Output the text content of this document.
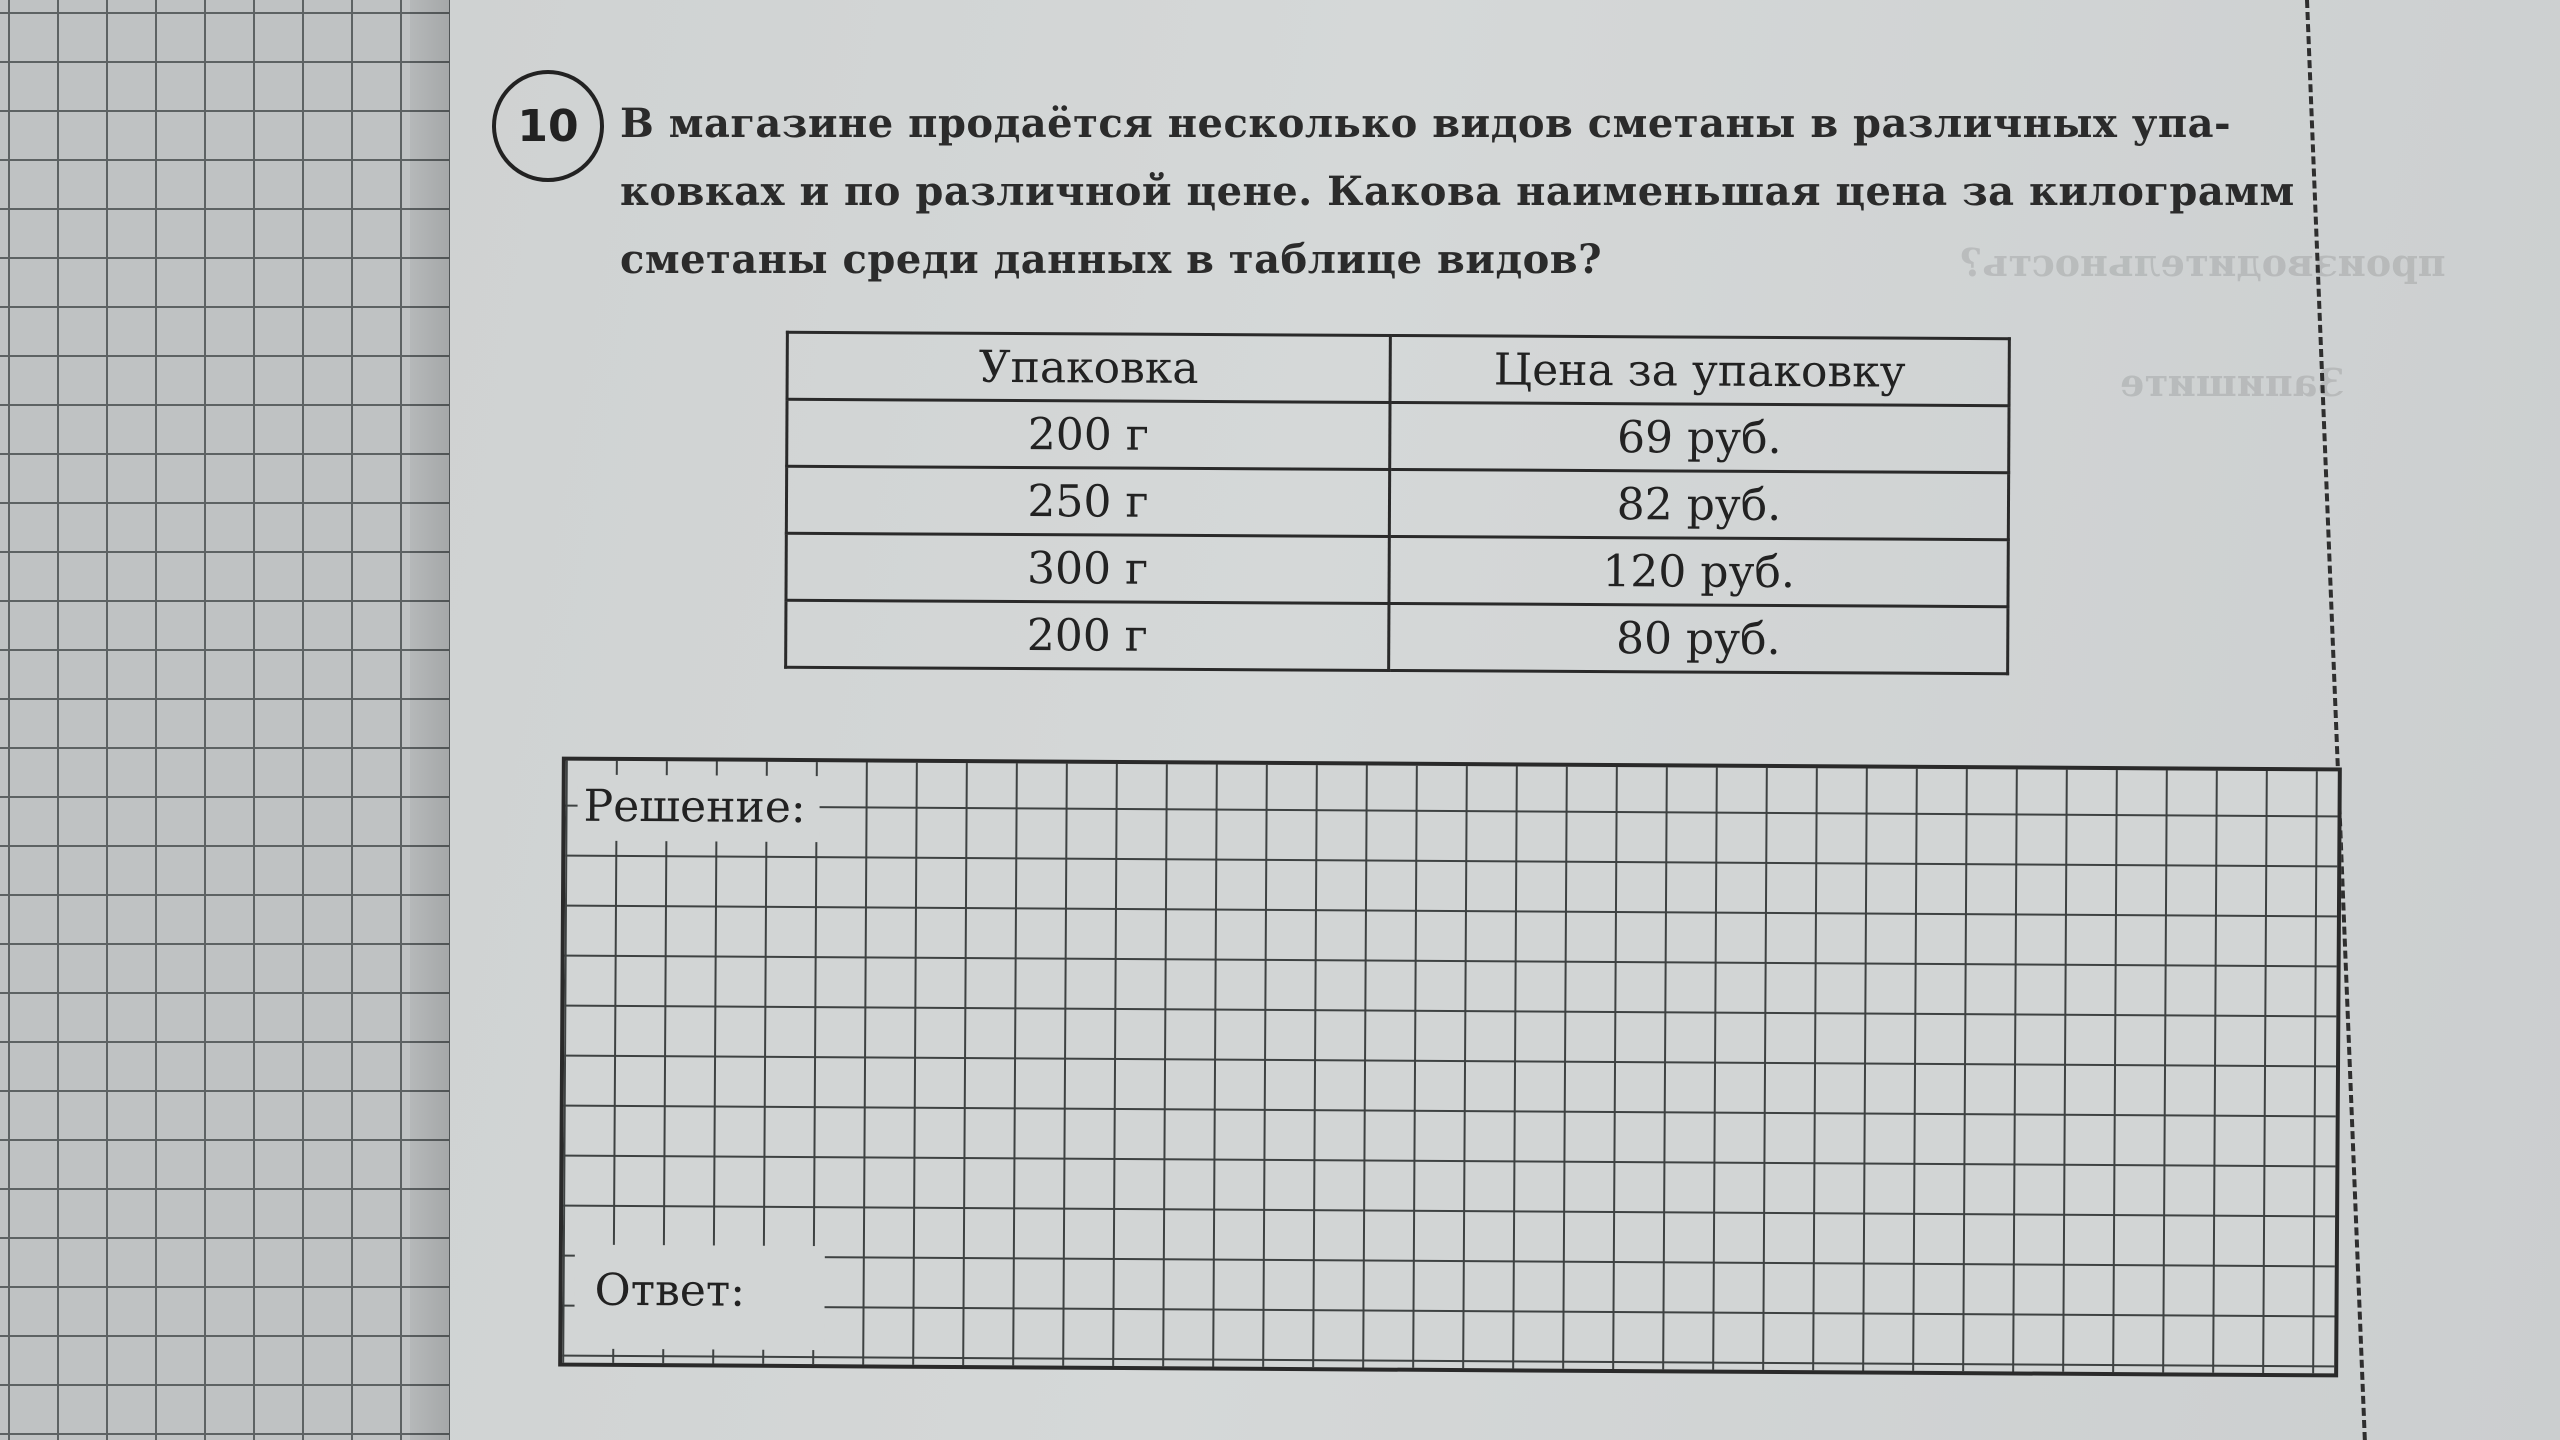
производительность?
Запишите
10	В магазине продаётся несколько видов сметаны в различных упа-
ковках и по различной цене. Какова наименьшая цена за килограмм
сметаны среди данных в таблице видов?
Упаковка	Цена за упаковку
200 г	69 руб.
250 г	82 руб.
300 г	120 руб.
200 г	80 руб.
Решение:
Ответ:
